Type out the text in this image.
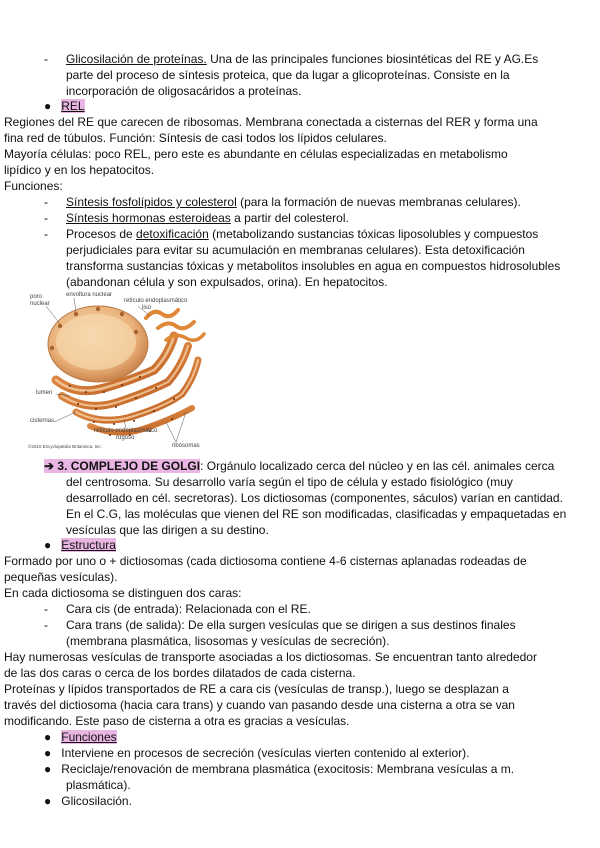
- Glicosilación de proteínas. Una de las principales funciones biosintéticas del RE y AG.Es
parte del proceso de síntesis proteica, que da lugar a glicoproteínas. Consiste en la
incorporación de oligosacáridos a proteínas.
●   REL
Regiones del RE que carecen de ribosomas. Membrana conectada a cisternas del RER y forma una
fina red de túbulos. Función: Síntesis de casi todos los lípidos celulares.
Mayoría células: poco REL, pero este es abundante en células especializadas en metabolismo
lipídico y en los hepatocitos.
Funciones:
- Síntesis fosfolípidos y colesterol (para la formación de nuevas membranas celulares).
- Síntesis hormonas esteroideas a partir del colesterol.
- Procesos de detoxificación (metabolizando sustancias tóxicas liposolubles y compuestos
perjudiciales para evitar su acumulación en membranas celulares). Esta detoxificación
transforma sustancias tóxicas y metabolitos insolubles en agua en compuestos hidrosolubles
(abandonan célula y son expulsados, orina). En hepatocitos.
poro
nuclear
envoltura nuclear
retículo endoplasmático
liso
lumen
cisternas
retículo endoplasmático
rugoso
ribosomas
©2010 Encyclopædia Britannica, Inc.
➔ 3. COMPLEJO DE GOLGI: Orgánulo localizado cerca del núcleo y en las cél. animales cerca
del centrosoma. Su desarrollo varía según el tipo de célula y estado fisiológico (muy
desarrollado en cél. secretoras). Los dictiosomas (componentes, sáculos) varían en cantidad.
En el C.G, las moléculas que vienen del RE son modificadas, clasificadas y empaquetadas en
vesículas que las dirigen a su destino.
●   Estructura
Formado por uno o + dictiosomas (cada dictiosoma contiene 4-6 cisternas aplanadas rodeadas de
pequeñas vesículas).
En cada dictiosoma se distinguen dos caras:
- Cara cis (de entrada): Relacionada con el RE.
- Cara trans (de salida): De ella surgen vesículas que se dirigen a sus destinos finales
(membrana plasmática, lisosomas y vesículas de secreción).
Hay numerosas vesículas de transporte asociadas a los dictiosomas. Se encuentran tanto alrededor
de las dos caras o cerca de los bordes dilatados de cada cisterna.
Proteínas y lípidos transportados de RE a cara cis (vesículas de transp.), luego se desplazan a
través del dictiosoma (hacia cara trans) y cuando van pasando desde una cisterna a otra se van
modificando. Este paso de cisterna a otra es gracias a vesículas.
●   Funciones
●   Interviene en procesos de secreción (vesículas vierten contenido al exterior).
●   Reciclaje/renovación de membrana plasmática (exocitosis: Membrana vesículas a m.
plasmática).
●   Glicosilación.
